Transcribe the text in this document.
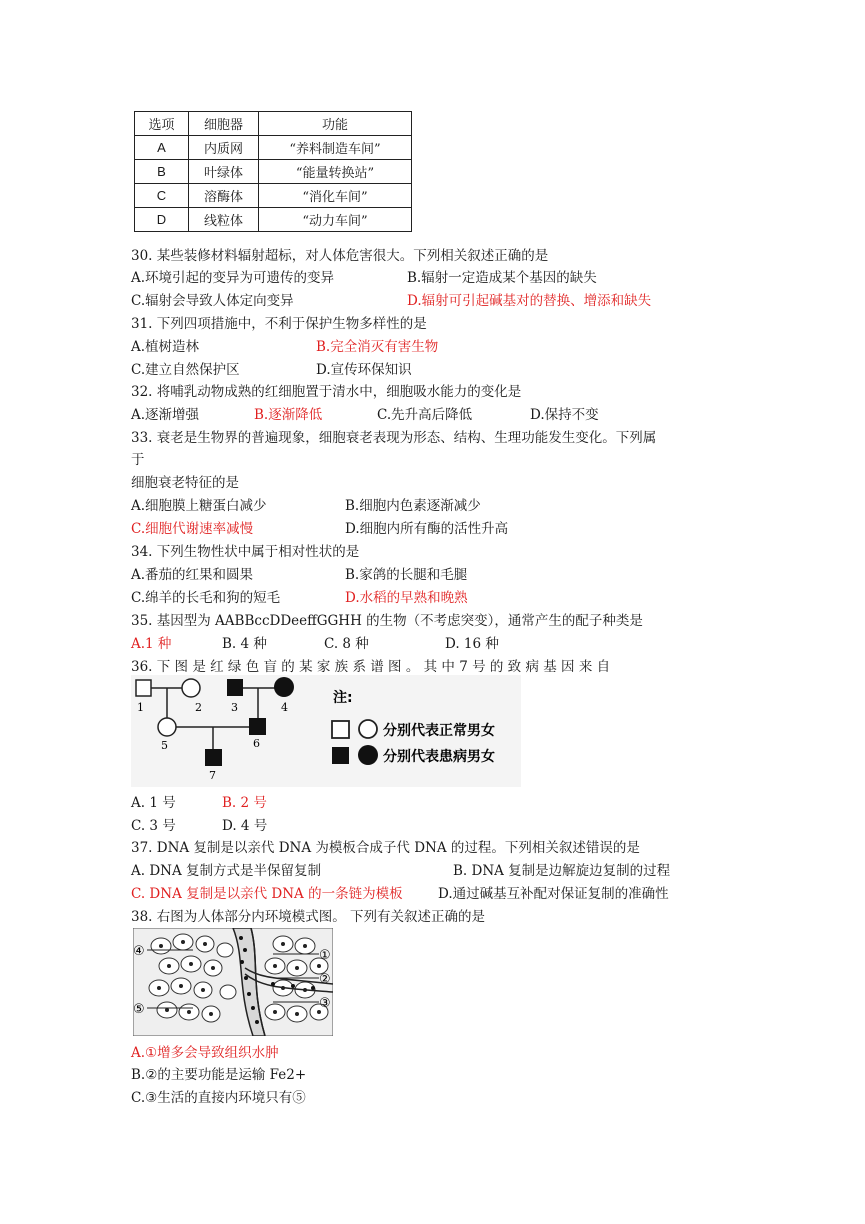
选项	细胞器	功能
A	内质网	“养料制造车间”
B	叶绿体	“能量转换站”
C	溶酶体	“消化车间”
D	线粒体	“动力车间”
30. 某些装修材料辐射超标，对人体危害很大。下列相关叙述正确的是
A.环境引起的变异为可遗传的变异	B.辐射一定造成某个基因的缺失
C.辐射会导致人体定向变异	D.辐射可引起碱基对的替换、增添和缺失
31. 下列四项措施中，不利于保护生物多样性的是
A.植树造林	B.完全消灭有害生物
C.建立自然保护区	D.宣传环保知识
32. 将哺乳动物成熟的红细胞置于清水中，细胞吸水能力的变化是
A.逐渐增强	B.逐渐降低	C.先升高后降低	D.保持不变
33. 衰老是生物界的普遍现象，细胞衰老表现为形态、结构、生理功能发生变化。下列属
于
细胞衰老特征的是
A.细胞膜上糖蛋白减少	B.细胞内色素逐渐减少
C.细胞代谢速率减慢	D.细胞内所有酶的活性升高
34. 下列生物性状中属于相对性状的是
A.番茄的红果和圆果	B.家鸽的长腿和毛腿
C.绵羊的长毛和狗的短毛	D.水稻的早熟和晚熟
35. 基因型为 AABBccDDeeffGGHH 的生物（不考虑突变），通常产生的配子种类是
A.1 种	B. 4 种	C. 8 种	D. 16 种
36. 下 图 是 红 绿 色 盲 的 某 家 族 系 谱 图 。 其 中 7 号 的 致 病 基 因 来 自
1	2	3	4
5	6
7
注:
分别代表正常男女
分别代表患病男女
A. 1 号	B. 2 号
C. 3 号	D. 4 号
37. DNA 复制是以亲代 DNA 为模板合成子代 DNA 的过程。下列相关叙述错误的是
A. DNA 复制方式是半保留复制	B. DNA 复制是边解旋边复制的过程
C. DNA 复制是以亲代 DNA 的一条链为模板	D.通过碱基互补配对保证复制的准确性
38. 右图为人体部分内环境模式图。 下列有关叙述正确的是
④	①
②
③
⑤
A.①增多会导致组织水肿
B.②的主要功能是运输 Fe2+
C.③生活的直接内环境只有⑤
